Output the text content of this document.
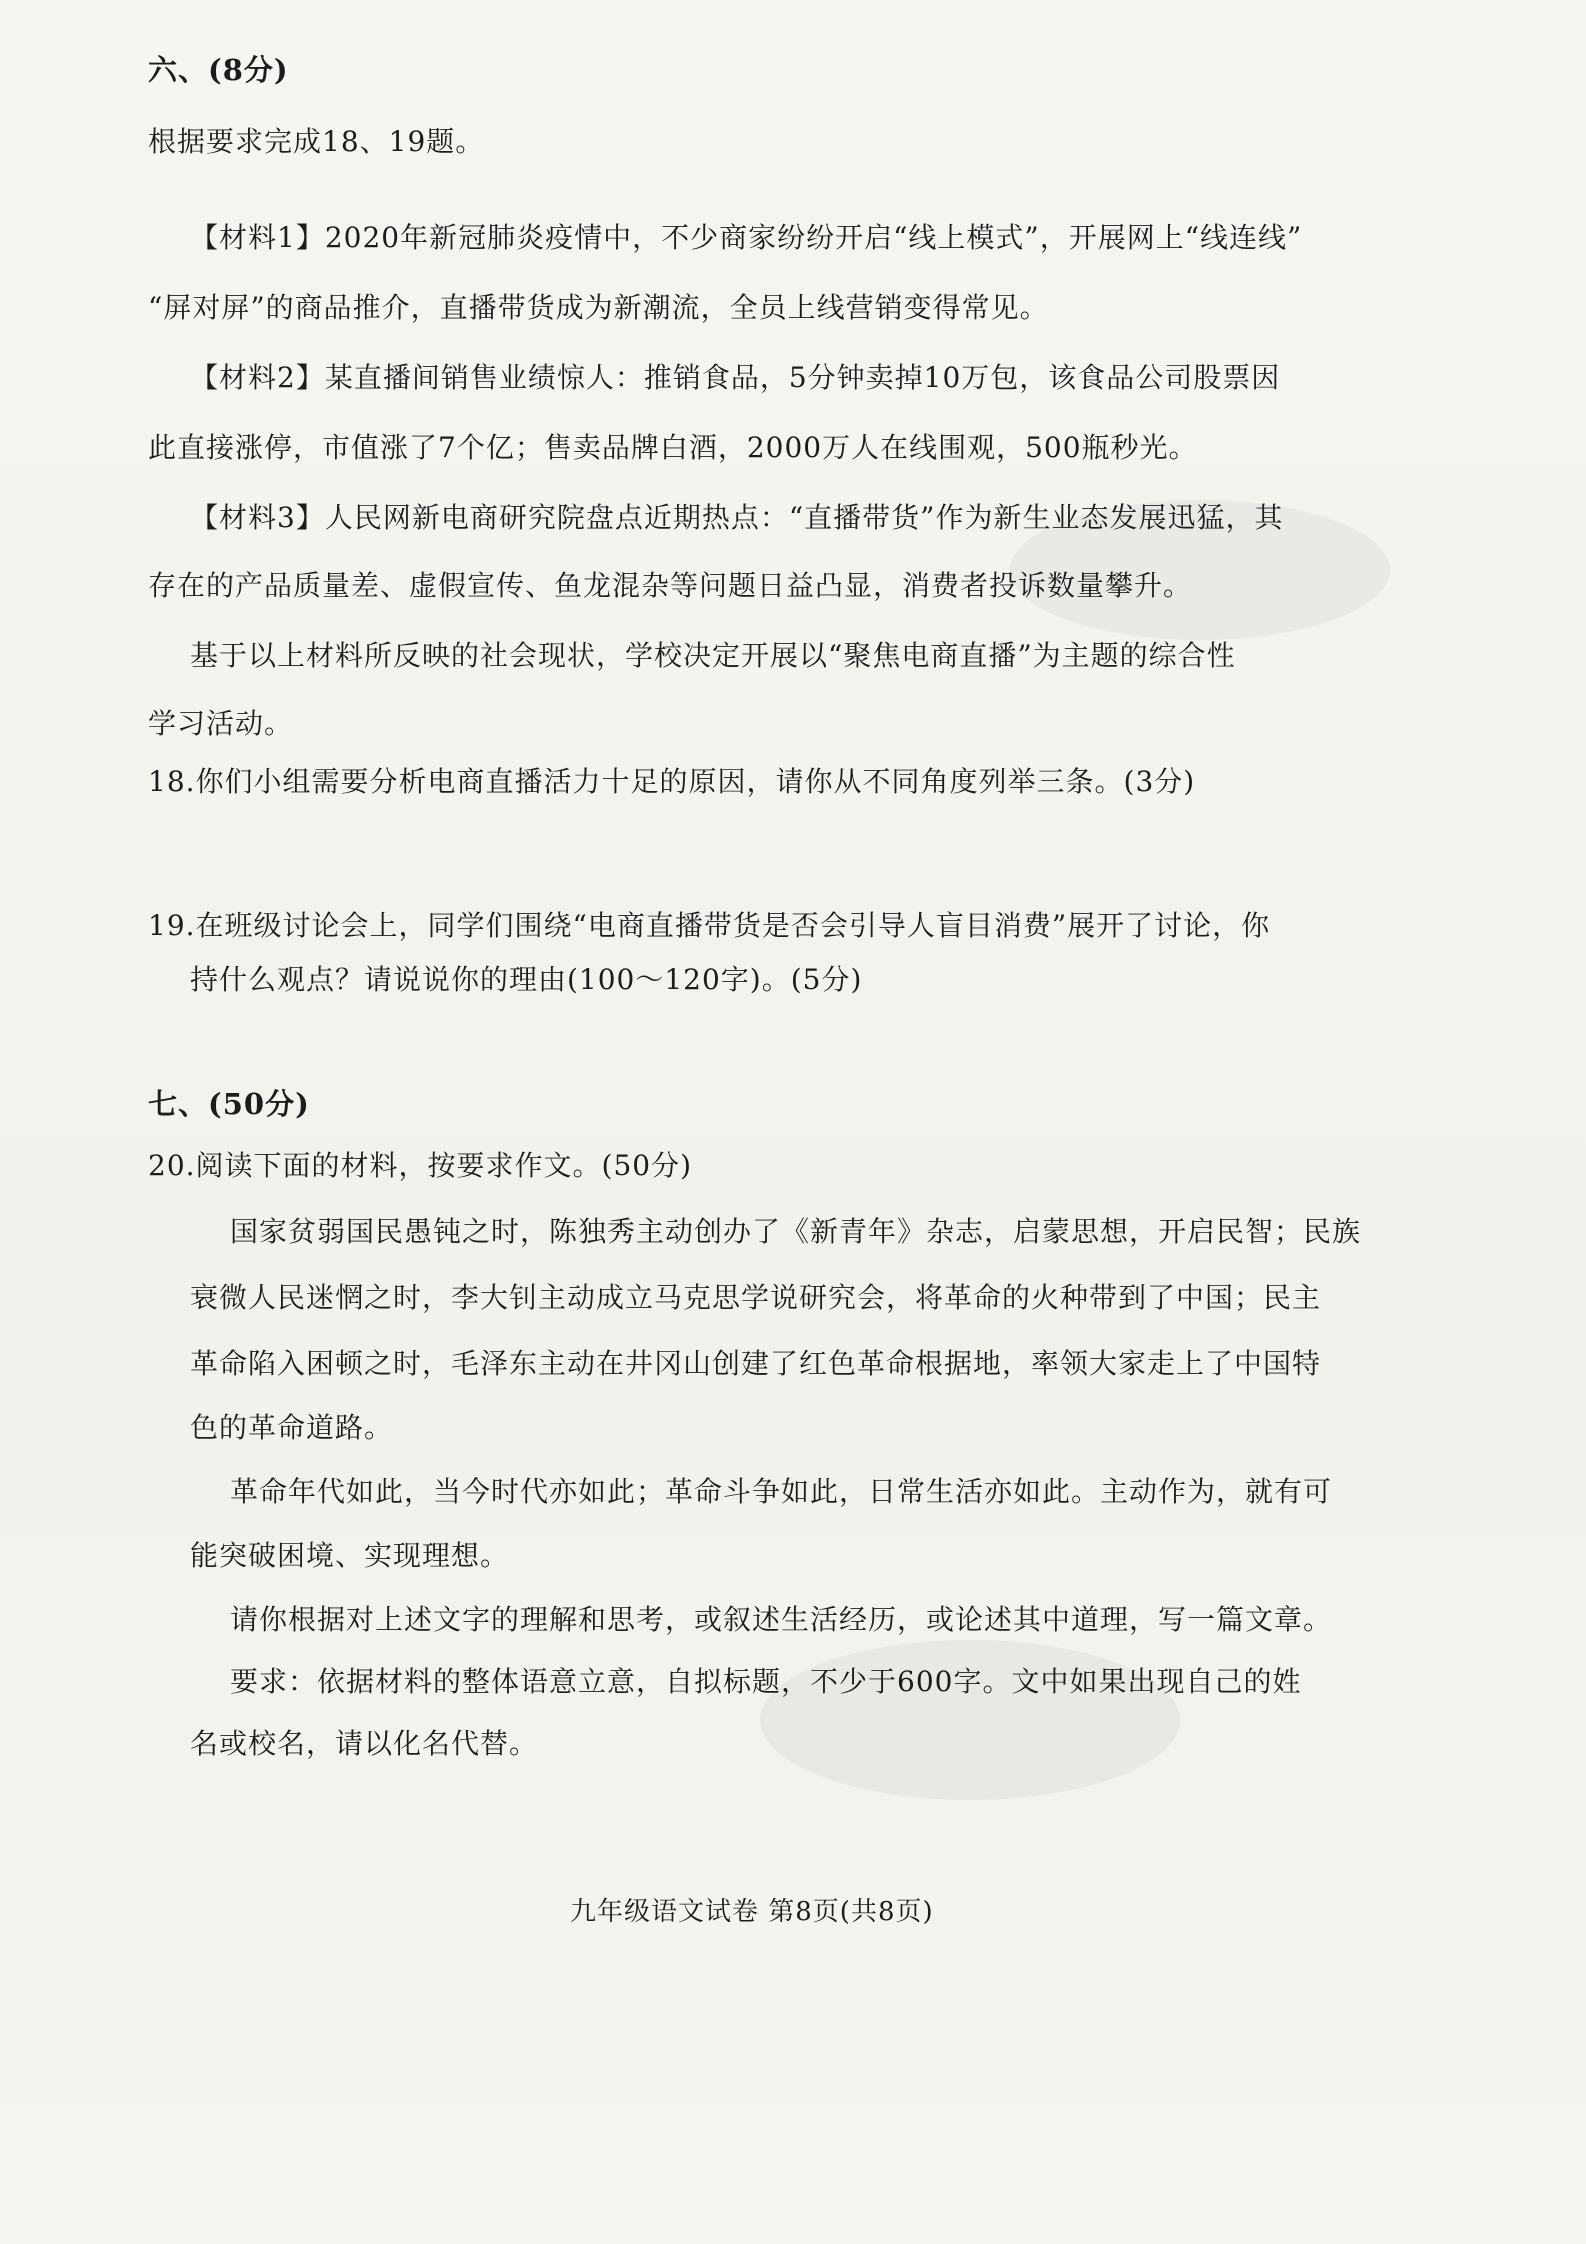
六、(8分)
根据要求完成18、19题。
【材料1】2020年新冠肺炎疫情中，不少商家纷纷开启“线上模式”，开展网上“线连线”
“屏对屏”的商品推介，直播带货成为新潮流，全员上线营销变得常见。
【材料2】某直播间销售业绩惊人：推销食品，5分钟卖掉10万包，该食品公司股票因
此直接涨停，市值涨了7个亿；售卖品牌白酒，2000万人在线围观，500瓶秒光。
【材料3】人民网新电商研究院盘点近期热点：“直播带货”作为新生业态发展迅猛，其
存在的产品质量差、虚假宣传、鱼龙混杂等问题日益凸显，消费者投诉数量攀升。
基于以上材料所反映的社会现状，学校决定开展以“聚焦电商直播”为主题的综合性
学习活动。
18.你们小组需要分析电商直播活力十足的原因，请你从不同角度列举三条。(3分)
19.在班级讨论会上，同学们围绕“电商直播带货是否会引导人盲目消费”展开了讨论，你
持什么观点？请说说你的理由(100～120字)。(5分)
七、(50分)
20.阅读下面的材料，按要求作文。(50分)
国家贫弱国民愚钝之时，陈独秀主动创办了《新青年》杂志，启蒙思想，开启民智；民族
衰微人民迷惘之时，李大钊主动成立马克思学说研究会，将革命的火种带到了中国；民主
革命陷入困顿之时，毛泽东主动在井冈山创建了红色革命根据地，率领大家走上了中国特
色的革命道路。
革命年代如此，当今时代亦如此；革命斗争如此，日常生活亦如此。主动作为，就有可
能突破困境、实现理想。
请你根据对上述文字的理解和思考，或叙述生活经历，或论述其中道理，写一篇文章。
要求：依据材料的整体语意立意，自拟标题，不少于600字。文中如果出现自己的姓
名或校名，请以化名代替。
九年级语文试卷 第8页(共8页)
